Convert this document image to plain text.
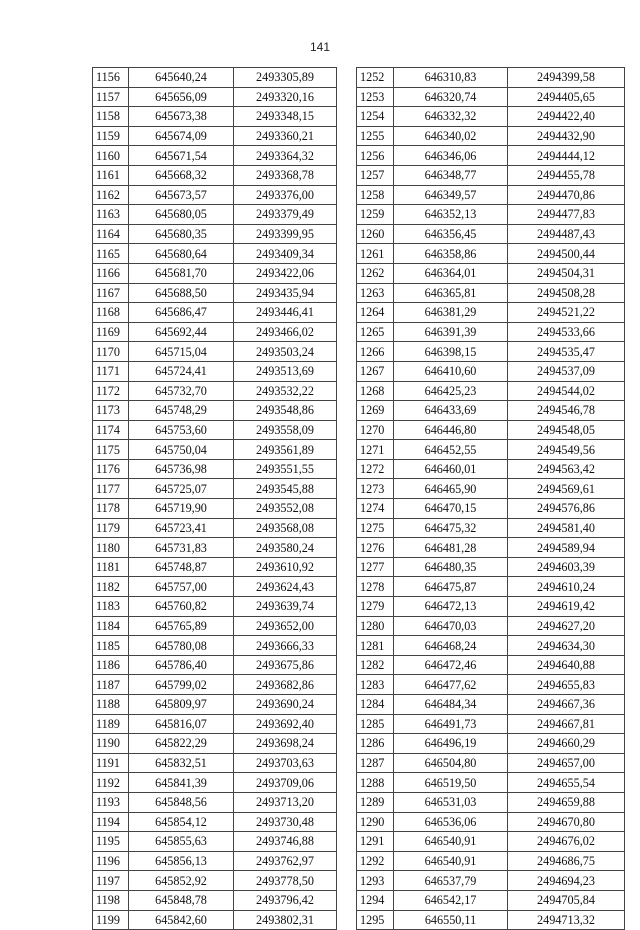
141
1156	645640,24	2493305,89
1157	645656,09	2493320,16
1158	645673,38	2493348,15
1159	645674,09	2493360,21
1160	645671,54	2493364,32
1161	645668,32	2493368,78
1162	645673,57	2493376,00
1163	645680,05	2493379,49
1164	645680,35	2493399,95
1165	645680,64	2493409,34
1166	645681,70	2493422,06
1167	645688,50	2493435,94
1168	645686,47	2493446,41
1169	645692,44	2493466,02
1170	645715,04	2493503,24
1171	645724,41	2493513,69
1172	645732,70	2493532,22
1173	645748,29	2493548,86
1174	645753,60	2493558,09
1175	645750,04	2493561,89
1176	645736,98	2493551,55
1177	645725,07	2493545,88
1178	645719,90	2493552,08
1179	645723,41	2493568,08
1180	645731,83	2493580,24
1181	645748,87	2493610,92
1182	645757,00	2493624,43
1183	645760,82	2493639,74
1184	645765,89	2493652,00
1185	645780,08	2493666,33
1186	645786,40	2493675,86
1187	645799,02	2493682,86
1188	645809,97	2493690,24
1189	645816,07	2493692,40
1190	645822,29	2493698,24
1191	645832,51	2493703,63
1192	645841,39	2493709,06
1193	645848,56	2493713,20
1194	645854,12	2493730,48
1195	645855,63	2493746,88
1196	645856,13	2493762,97
1197	645852,92	2493778,50
1198	645848,78	2493796,42
1199	645842,60	2493802,31
1252	646310,83	2494399,58
1253	646320,74	2494405,65
1254	646332,32	2494422,40
1255	646340,02	2494432,90
1256	646346,06	2494444,12
1257	646348,77	2494455,78
1258	646349,57	2494470,86
1259	646352,13	2494477,83
1260	646356,45	2494487,43
1261	646358,86	2494500,44
1262	646364,01	2494504,31
1263	646365,81	2494508,28
1264	646381,29	2494521,22
1265	646391,39	2494533,66
1266	646398,15	2494535,47
1267	646410,60	2494537,09
1268	646425,23	2494544,02
1269	646433,69	2494546,78
1270	646446,80	2494548,05
1271	646452,55	2494549,56
1272	646460,01	2494563,42
1273	646465,90	2494569,61
1274	646470,15	2494576,86
1275	646475,32	2494581,40
1276	646481,28	2494589,94
1277	646480,35	2494603,39
1278	646475,87	2494610,24
1279	646472,13	2494619,42
1280	646470,03	2494627,20
1281	646468,24	2494634,30
1282	646472,46	2494640,88
1283	646477,62	2494655,83
1284	646484,34	2494667,36
1285	646491,73	2494667,81
1286	646496,19	2494660,29
1287	646504,80	2494657,00
1288	646519,50	2494655,54
1289	646531,03	2494659,88
1290	646536,06	2494670,80
1291	646540,91	2494676,02
1292	646540,91	2494686,75
1293	646537,79	2494694,23
1294	646542,17	2494705,84
1295	646550,11	2494713,32
